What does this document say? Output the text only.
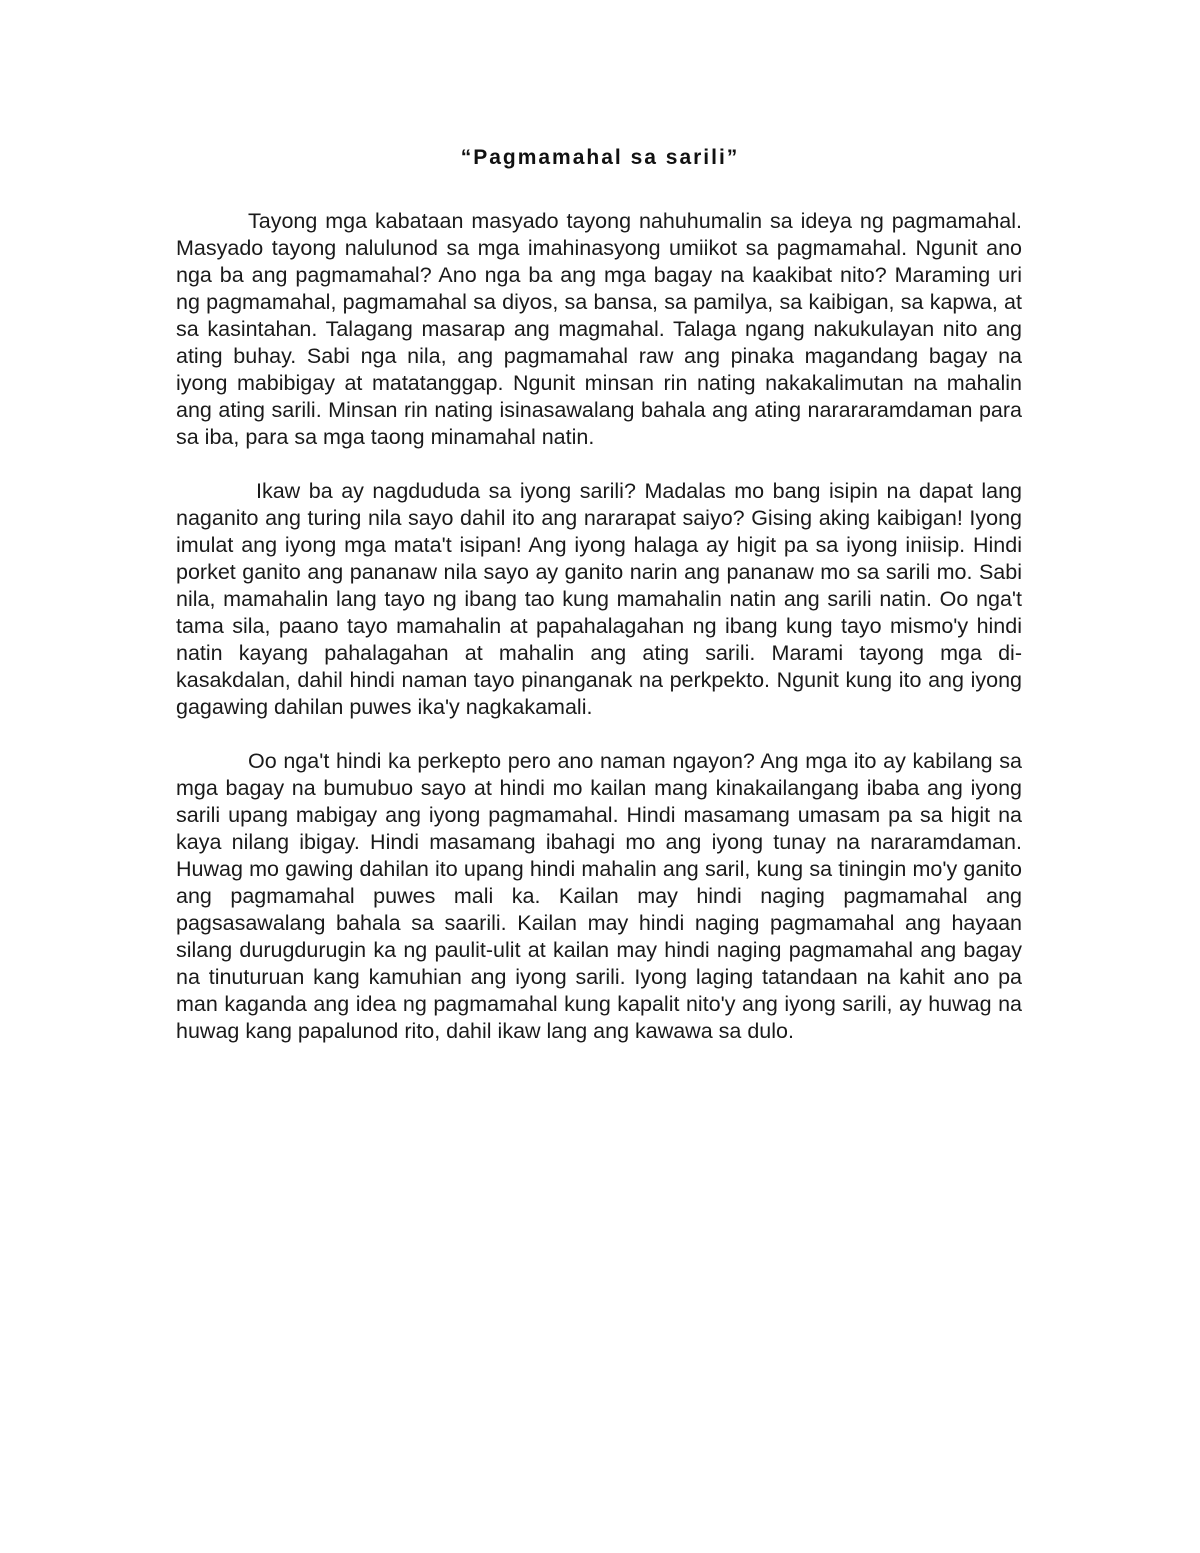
“Pagmamahal sa sarili”

Tayong mga kabataan masyado tayong nahuhumalin sa ideya ng pagmamahal. Masyado tayong nalulunod sa mga imahinasyong umiikot sa pagmamahal. Ngunit ano nga ba ang pagmamahal? Ano nga ba ang mga bagay na kaakibat nito? Maraming uri ng pagmamahal, pagmamahal sa diyos, sa bansa, sa pamilya, sa kaibigan, sa kapwa, at sa kasintahan. Talagang masarap ang magmahal. Talaga ngang nakukulayan nito ang ating buhay. Sabi nga nila, ang pagmamahal raw ang pinaka magandang bagay na iyong mabibigay at matatanggap. Ngunit minsan rin nating nakakalimutan na mahalin ang ating sarili. Minsan rin nating isinasawalang bahala ang ating narararamdaman para sa iba, para sa mga taong minamahal natin.

Ikaw ba ay nagdududa sa iyong sarili? Madalas mo bang isipin na dapat lang naganito ang turing nila sayo dahil ito ang nararapat saiyo? Gising aking kaibigan! Iyong imulat ang iyong mga mata't isipan! Ang iyong halaga ay higit pa sa iyong iniisip. Hindi porket ganito ang pananaw nila sayo ay ganito narin ang pananaw mo sa sarili mo. Sabi nila, mamahalin lang tayo ng ibang tao kung mamahalin natin ang sarili natin. Oo nga't tama sila, paano tayo mamahalin at papahalagahan ng ibang kung tayo mismo'y hindi natin kayang pahalagahan at mahalin ang ating sarili. Marami tayong mga di-kasakdalan, dahil hindi naman tayo pinanganak na perkpekto. Ngunit kung ito ang iyong gagawing dahilan puwes ika'y nagkakamali.

Oo nga't hindi ka perkepto pero ano naman ngayon? Ang mga ito ay kabilang sa mga bagay na bumubuo sayo at hindi mo kailan mang kinakailangang ibaba ang iyong sarili upang mabigay ang iyong pagmamahal. Hindi masamang umasam pa sa higit na kaya nilang ibigay. Hindi masamang ibahagi mo ang iyong tunay na nararamdaman. Huwag mo gawing dahilan ito upang hindi mahalin ang saril, kung sa tiningin mo'y ganito ang pagmamahal puwes mali ka. Kailan may hindi naging pagmamahal ang pagsasawalang bahala sa saarili. Kailan may hindi naging pagmamahal ang hayaan silang durugdurugin ka ng paulit-ulit at kailan may hindi naging pagmamahal ang bagay na tinuturuan kang kamuhian ang iyong sarili. Iyong laging tatandaan na kahit ano pa man kaganda ang idea ng pagmamahal kung kapalit nito'y ang iyong sarili, ay huwag na huwag kang papalunod rito, dahil ikaw lang ang kawawa sa dulo.
